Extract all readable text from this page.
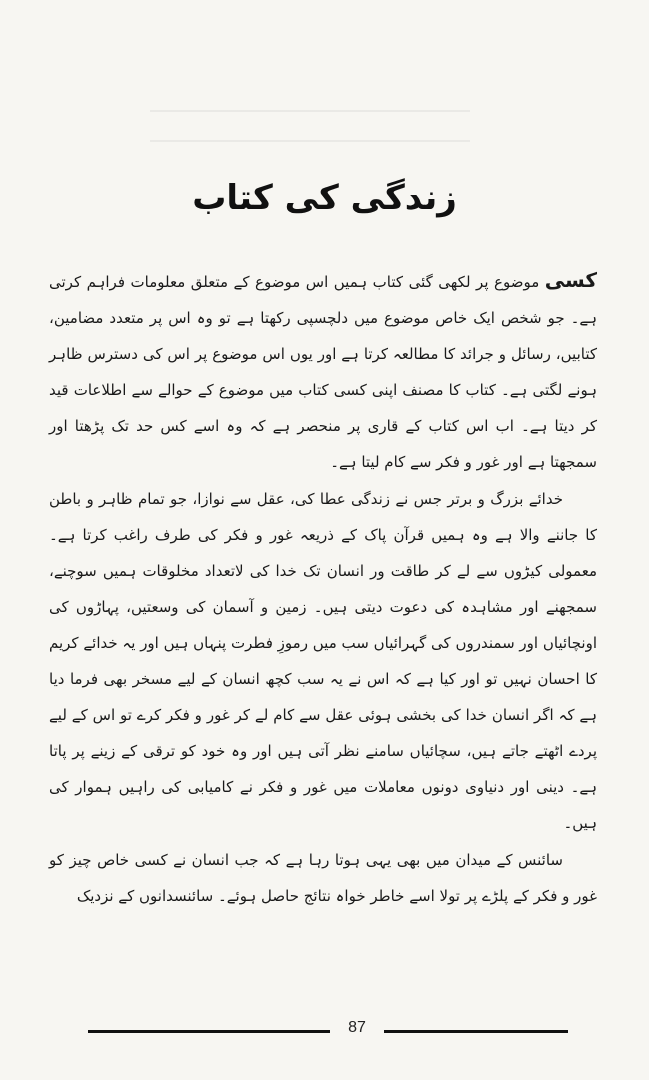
زندگی کی کتاب

کسی موضوع پر لکھی گئی کتاب ہمیں اس موضوع کے متعلق معلومات فراہم کرتی ہے۔ جو شخص ایک خاص موضوع میں دلچسپی رکھتا ہے تو وہ اس پر متعدد مضامین، کتابیں، رسائل و جرائد کا مطالعہ کرتا ہے اور یوں اس موضوع پر اس کی دسترس ظاہر ہونے لگتی ہے۔ کتاب کا مصنف اپنی کسی کتاب میں موضوع کے حوالے سے اطلاعات قید کر دیتا ہے۔ اب اس کتاب کے قاری پر منحصر ہے کہ وہ اسے کس حد تک پڑھتا اور سمجھتا ہے اور غور و فکر سے کام لیتا ہے۔

خدائے بزرگ و برتر جس نے زندگی عطا کی، عقل سے نوازا، جو تمام ظاہر و باطن کا جاننے والا ہے وہ ہمیں قرآن پاک کے ذریعہ غور و فکر کی طرف راغب کرتا ہے۔ معمولی کیڑوں سے لے کر طاقت ور انسان تک خدا کی لاتعداد مخلوقات ہمیں سوچنے، سمجھنے اور مشاہدہ کی دعوت دیتی ہیں۔ زمین و آسمان کی وسعتیں، پہاڑوں کی اونچائیاں اور سمندروں کی گہرائیاں سب میں رموزِ فطرت پنہاں ہیں اور یہ خدائے کریم کا احسان نہیں تو اور کیا ہے کہ اس نے یہ سب کچھ انسان کے لیے مسخر بھی فرما دیا ہے کہ اگر انسان خدا کی بخشی ہوئی عقل سے کام لے کر غور و فکر کرے تو اس کے لیے پردے اٹھتے جاتے ہیں، سچائیاں سامنے نظر آتی ہیں اور وہ خود کو ترقی کے زینے پر پاتا ہے۔ دینی اور دنیاوی دونوں معاملات میں غور و فکر نے کامیابی کی راہیں ہموار کی ہیں۔

سائنس کے میدان میں بھی یہی ہوتا رہا ہے کہ جب انسان نے کسی خاص چیز کو غور و فکر کے پلڑے پر تولا اسے خاطر خواہ نتائج حاصل ہوئے۔ سائنسدانوں کے نزدیک

87
